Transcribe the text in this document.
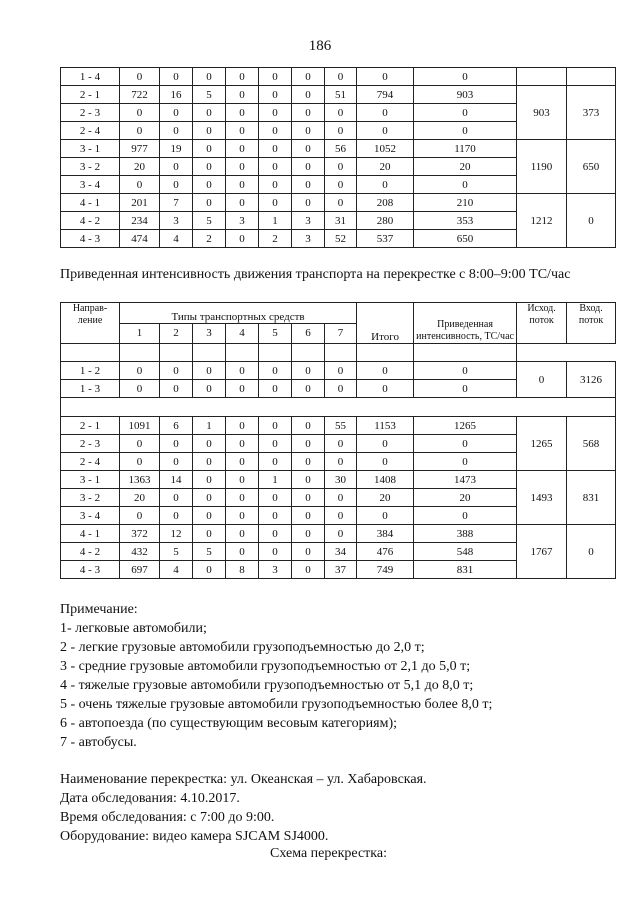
186
1 - 4	0	0	0	0	0	0	0	0	0		
2 - 1	722	16	5	0	0	0	51	794	903	903	373
2 - 3	0	0	0	0	0	0	0	0	0		
2 - 4	0	0	0	0	0	0	0	0	0		
3 - 1	977	19	0	0	0	0	56	1052	1170	1190	650
3 - 2	20	0	0	0	0	0	0	20	20		
3 - 4	0	0	0	0	0	0	0	0	0		
4 - 1	201	7	0	0	0	0	0	208	210	1212	0
4 - 2	234	3	5	3	1	3	31	280	353		
4 - 3	474	4	2	0	2	3	52	537	650		
Приведенная интенсивность движения транспорта на перекрестке с 8:00–9:00 ТС/час
Направ-ление	Типы транспортных средств							Итого	Приведенная интенсивность, ТС/час	Исход. поток	Вход. поток
	1	2	3	4	5	6	7				

1 - 2	0	0	0	0	0	0	0	0	0	0	3126
1 - 3	0	0	0	0	0	0	0	0	0		

2 - 1	1091	6	1	0	0	0	55	1153	1265	1265	568
2 - 3	0	0	0	0	0	0	0	0	0		
2 - 4	0	0	0	0	0	0	0	0	0		
3 - 1	1363	14	0	0	1	0	30	1408	1473	1493	831
3 - 2	20	0	0	0	0	0	0	20	20		
3 - 4	0	0	0	0	0	0	0	0	0		
4 - 1	372	12	0	0	0	0	0	384	388	1767	0
4 - 2	432	5	5	0	0	0	34	476	548		
4 - 3	697	4	0	8	3	0	37	749	831		
Примечание:
1- легковые автомобили;
2 - легкие грузовые автомобили грузоподъемностью до 2,0 т;
3 - средние грузовые автомобили грузоподъемностью от 2,1 до 5,0 т;
4 - тяжелые грузовые автомобили грузоподъемностью от 5,1 до 8,0 т;
5 - очень тяжелые грузовые автомобили грузоподъемностью более 8,0 т;
6 - автопоезда (по существующим весовым категориям);
7 - автобусы.
Наименование перекрестка: ул. Океанская – ул. Хабаровская.
Дата обследования: 4.10.2017.
Время обследования: с 7:00 до 9:00.
Оборудование: видео камера SJCAM SJ4000.
Схема перекрестка:
